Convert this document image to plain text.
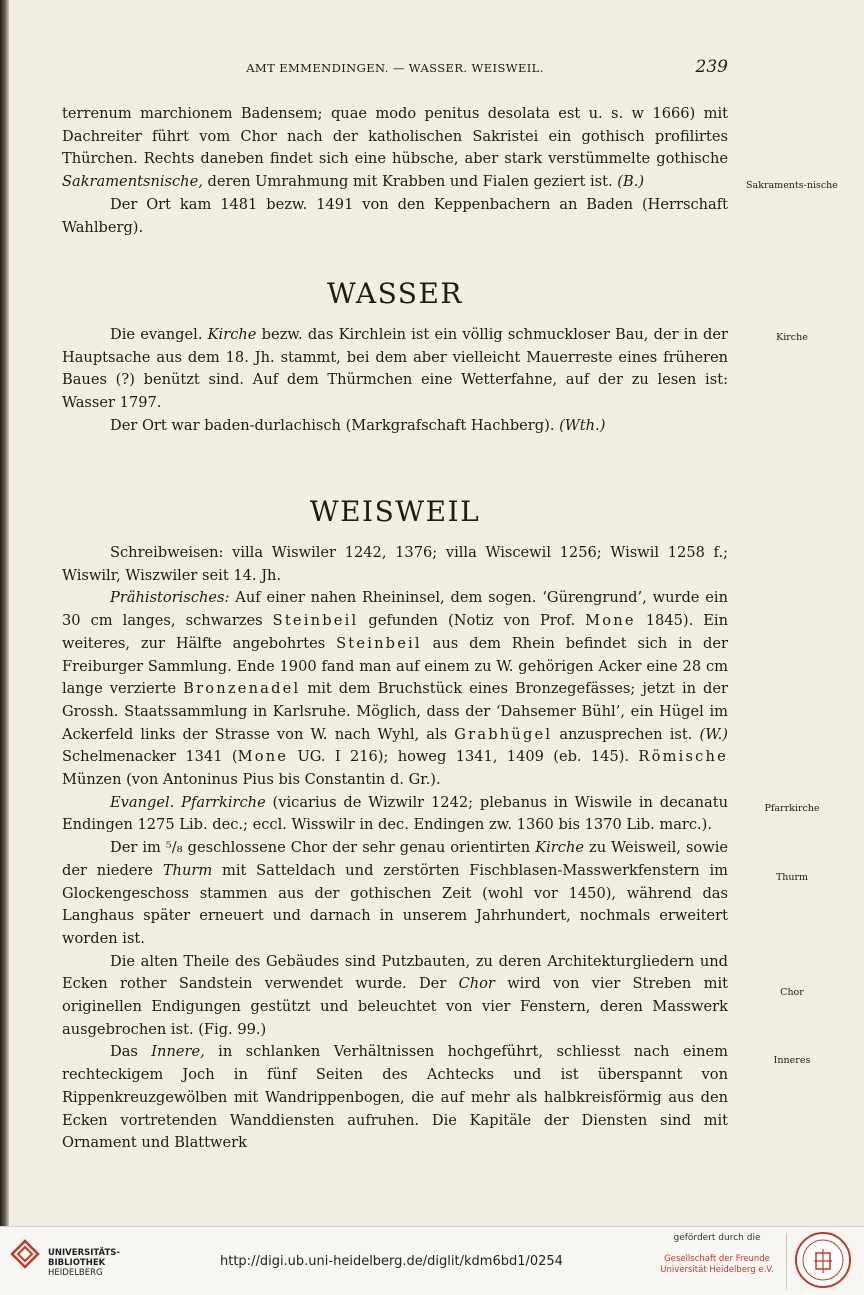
AMT EMMENDINGEN. — WASSER. WEISWEIL.	239

terrenum marchionem Badensem; quae modo penitus desolata est u. s. w 1666) mit Dachreiter führt vom Chor nach der katholischen Sakristei ein gothisch profilirtes Thürchen. Rechts daneben findet sich eine hübsche, aber stark verstümmelte gothische Sakramentsnische, deren Umrahmung mit Krabben und Fialen geziert ist. (B.)

Der Ort kam 1481 bezw. 1491 von den Keppenbachern an Baden (Herrschaft Wahlberg).

WASSER

Die evangel. Kirche bezw. das Kirchlein ist ein völlig schmuckloser Bau, der in der Hauptsache aus dem 18. Jh. stammt, bei dem aber vielleicht Mauerreste eines früheren Baues (?) benützt sind. Auf dem Thürmchen eine Wetterfahne, auf der zu lesen ist: Wasser 1797.

Der Ort war baden-durlachisch (Markgrafschaft Hachberg). (Wth.)

WEISWEIL

Schreibweisen: villa Wiswiler 1242, 1376; villa Wiscewil 1256; Wiswil 1258 f.; Wiswilr, Wiszwiler seit 14. Jh.

Prähistorisches: Auf einer nahen Rheininsel, dem sogen. ‘Gürengrund’, wurde ein 30 cm langes, schwarzes Steinbeil gefunden (Notiz von Prof. Mone 1845). Ein weiteres, zur Hälfte angebohrtes Steinbeil aus dem Rhein befindet sich in der Freiburger Sammlung. Ende 1900 fand man auf einem zu W. gehörigen Acker eine 28 cm lange verzierte Bronzenadel mit dem Bruchstück eines Bronzegefässes; jetzt in der Grossh. Staatssammlung in Karlsruhe. Möglich, dass der ‘Dahsemer Bühl’, ein Hügel im Ackerfeld links der Strasse von W. nach Wyhl, als Grabhügel anzusprechen ist. (W.) Schelmenacker 1341 (Mone UG. I 216); howeg 1341, 1409 (eb. 145). Römische Münzen (von Antoninus Pius bis Constantin d. Gr.).

Evangel. Pfarrkirche (vicarius de Wizwilr 1242; plebanus in Wiswile in decanatu Endingen 1275 Lib. dec.; eccl. Wisswilr in dec. Endingen zw. 1360 bis 1370 Lib. marc.).

Der im ⁵/₈ geschlossene Chor der sehr genau orientirten Kirche zu Weisweil, sowie der niedere Thurm mit Satteldach und zerstörten Fischblasen-Masswerkfenstern im Glockengeschoss stammen aus der gothischen Zeit (wohl vor 1450), während das Langhaus später erneuert und darnach in unserem Jahrhundert, nochmals erweitert worden ist.

Die alten Theile des Gebäudes sind Putzbauten, zu deren Architekturgliedern und Ecken rother Sandstein verwendet wurde. Der Chor wird von vier Streben mit originellen Endigungen gestützt und beleuchtet von vier Fenstern, deren Masswerk ausgebrochen ist. (Fig. 99.)

Das Innere, in schlanken Verhältnissen hochgeführt, schliesst nach einem rechteckigem Joch in fünf Seiten des Achtecks und ist überspannt von Rippenkreuzgewölben mit Wandrippenbogen, die auf mehr als halbkreisförmig aus den Ecken vortretenden Wanddiensten aufruhen. Die Kapitäle der Diensten sind mit Ornament und Blattwerk

Sakraments-nische
Kirche
Pfarrkirche
Thurm
Chor
Inneres
UNIVERSITÄTS-
BIBLIOTHEK
HEIDELBERG
http://digi.ub.uni-heidelberg.de/diglit/kdm6bd1/0254
gefördert durch die
Gesellschaft der Freunde
Universität Heidelberg e.V.
